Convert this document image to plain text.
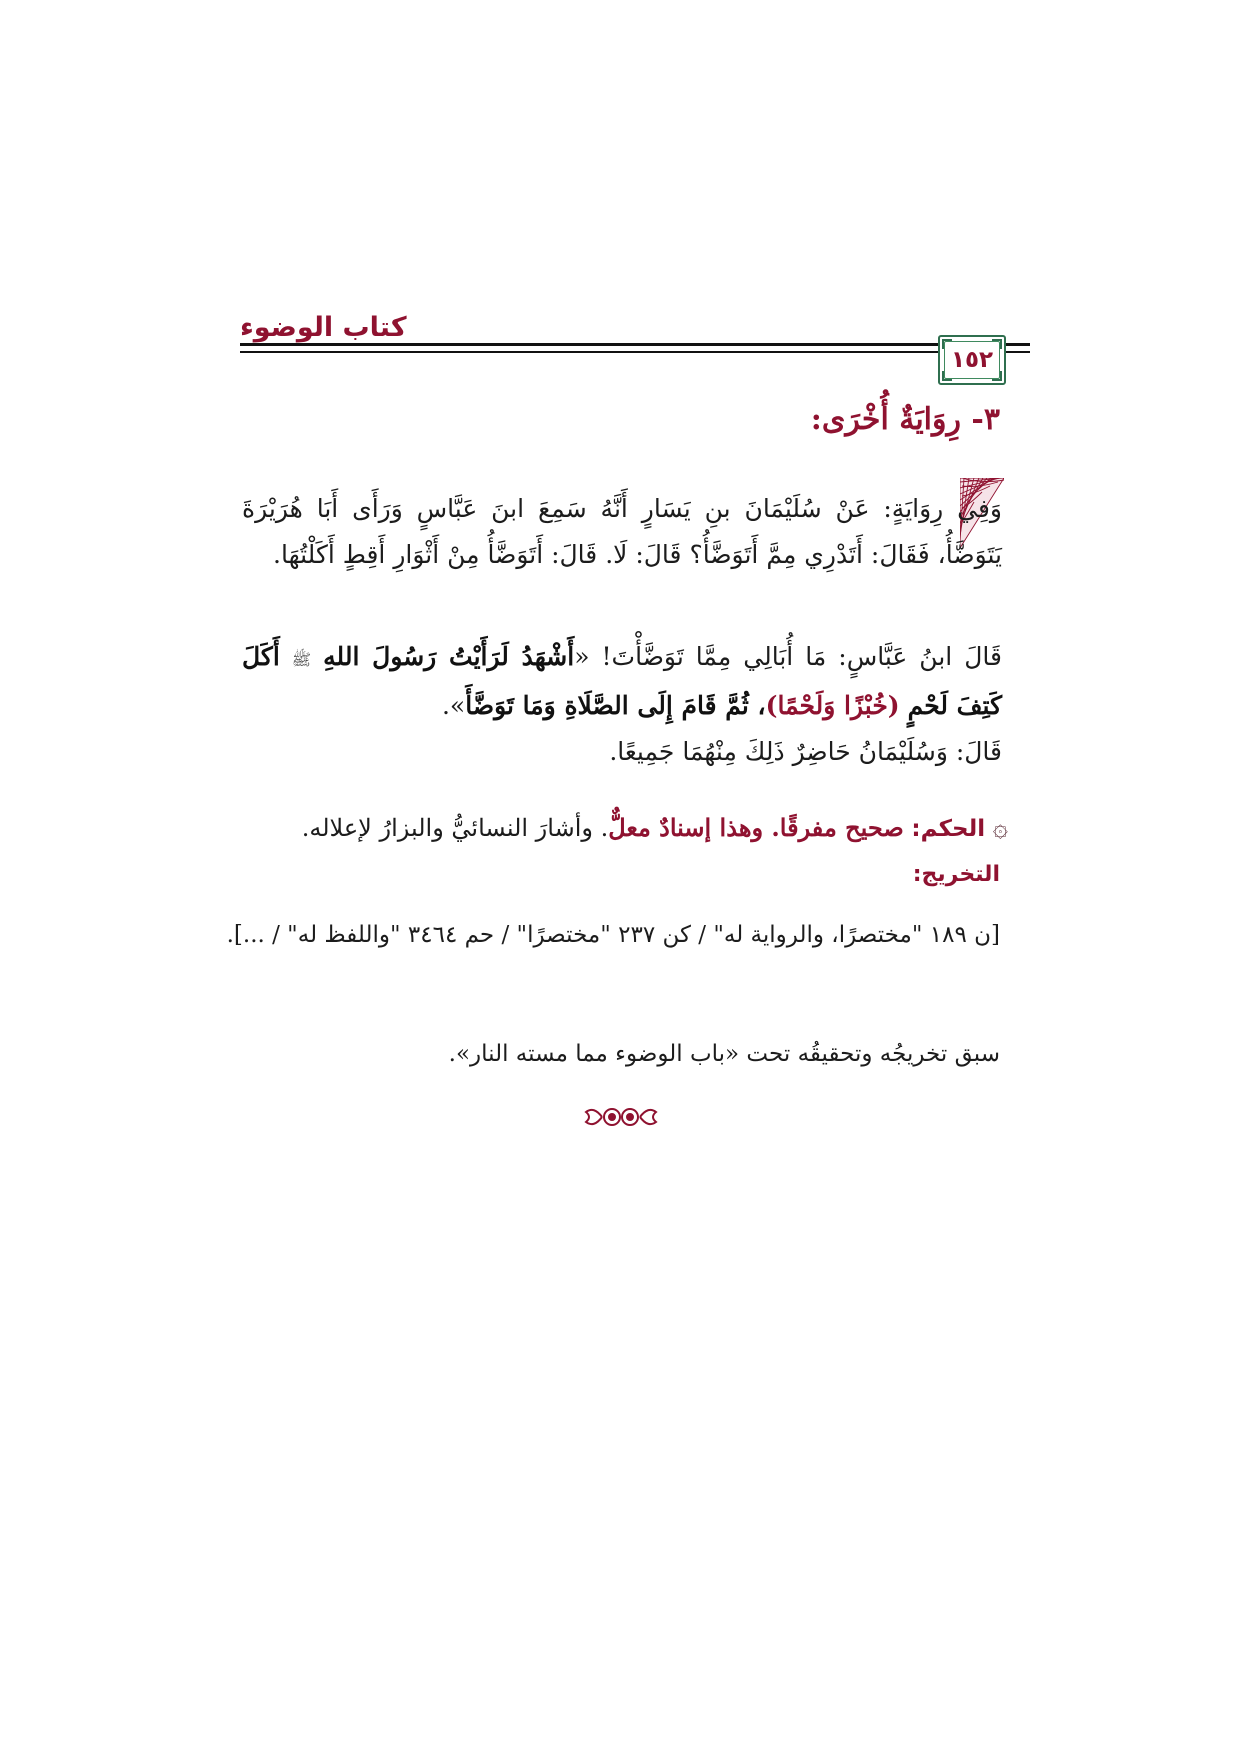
كتاب الوضوء
١٥٢
٣- رِوَايَةٌ أُخْرَى:

وَفِي رِوَايَةٍ: عَنْ سُلَيْمَانَ بنِ يَسَارٍ أَنَّهُ سَمِعَ ابنَ عَبَّاسٍ وَرَأَى أَبَا هُرَيْرَةَ يَتَوَضَّأُ، فَقَالَ: أَتَدْرِي مِمَّ أَتَوَضَّأُ؟ قَالَ: لَا. قَالَ: أَتَوَضَّأُ مِنْ أَثْوَارِ أَقِطٍ أَكَلْتُهَا.

قَالَ ابنُ عَبَّاسٍ: مَا أُبَالِي مِمَّا تَوَضَّأْتَ! «أَشْهَدُ لَرَأَيْتُ رَسُولَ اللهِ ﷺ أَكَلَ كَتِفَ لَحْمٍ (خُبْزًا وَلَحْمًا)، ثُمَّ قَامَ إِلَى الصَّلَاةِ وَمَا تَوَضَّأَ».
قَالَ: وَسُلَيْمَانُ حَاضِرٌ ذَلِكَ مِنْهُمَا جَمِيعًا.

۞ الحكم: صحيح مفرقًا. وهذا إسنادٌ معلٌّ. وأشارَ النسائيُّ والبزارُ لإعلاله.

التخريج:

[ن ١٨٩ "مختصرًا، والرواية له" / كن ٢٣٧ "مختصرًا" / حم ٣٤٦٤ "واللفظ له" / ...].

سبق تخريجُه وتحقيقُه تحت «باب الوضوء مما مسته النار».
